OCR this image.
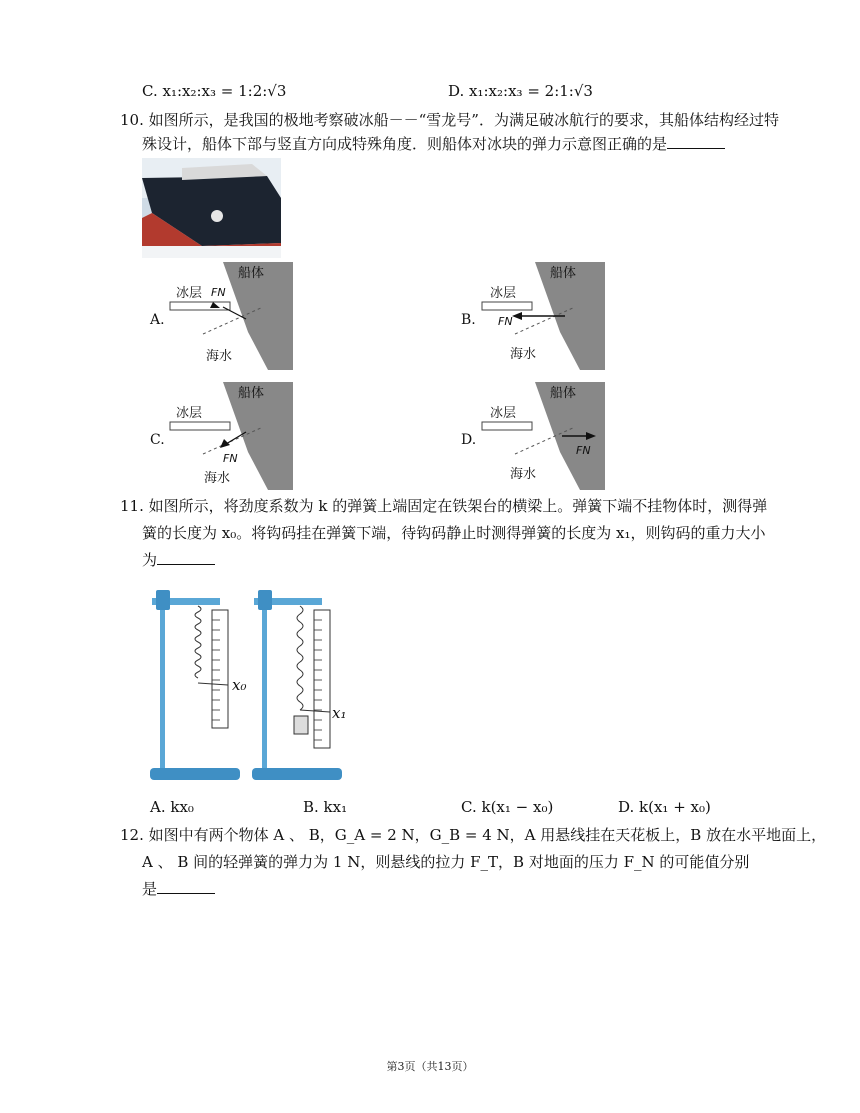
C. x₁:x₂:x₃ = 1:2:√3	D. x₁:x₂:x₃ = 2:1:√3
10. 如图所示，是我国的极地考察破冰船－－“雪龙号”．为满足破冰航行的要求，其船体结构经过特
殊设计，船体下部与竖直方向成特殊角度．则船体对冰块的弹力示意图正确的是
A.
船体
冰层 FN
海水
B.
船体
冰层
FN
海水
C.
船体
冰层
FN
海水
D.
船体
冰层
FN
海水
11. 如图所示，将劲度系数为 k 的弹簧上端固定在铁架台的横梁上。弹簧下端不挂物体时，测得弹
簧的长度为 x₀。将钩码挂在弹簧下端，待钩码静止时测得弹簧的长度为 x₁，则钩码的重力大小
为
x₀
x₁
A. kx₀	B. kx₁	C. k(x₁ − x₀)	D. k(x₁ + x₀)
12. 如图中有两个物体 A 、 B，G_A = 2 N，G_B = 4 N，A 用悬线挂在天花板上，B 放在水平地面上，
A 、 B 间的轻弹簧的弹力为 1 N，则悬线的拉力 F_T，B 对地面的压力 F_N 的可能值分别
是
第3页（共13页）
